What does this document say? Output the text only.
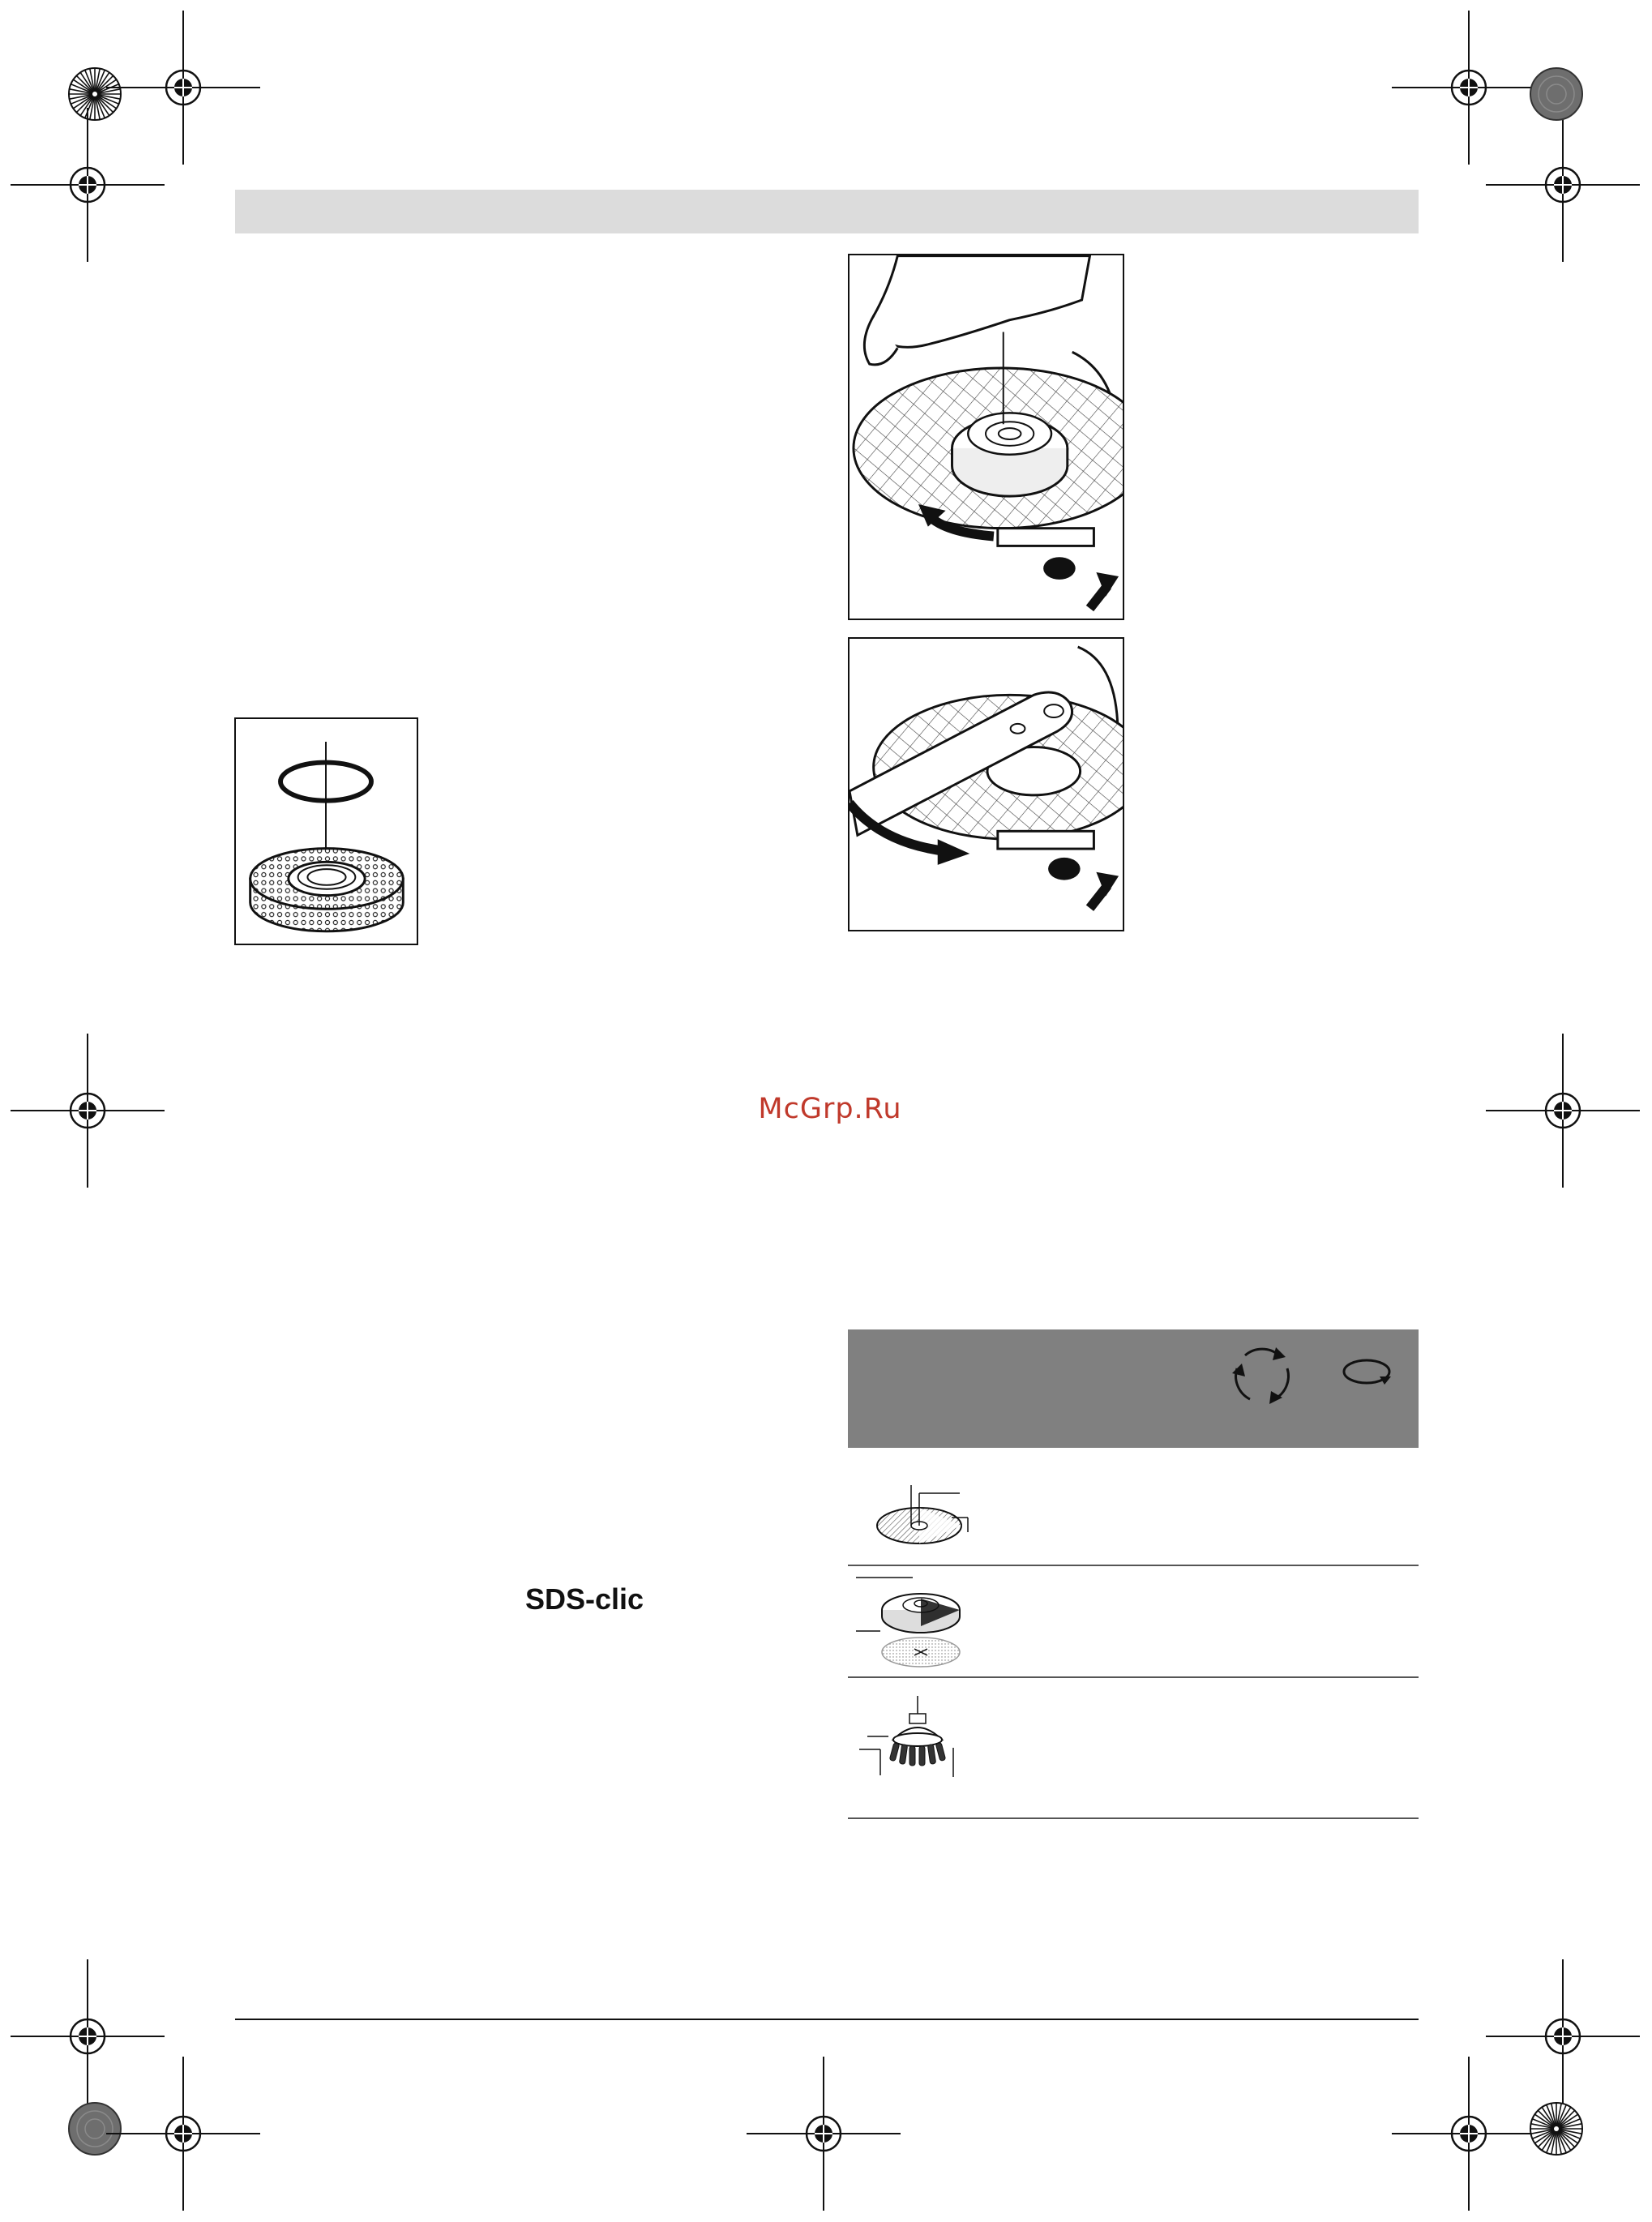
McGrp.Ru
SDS-clic
